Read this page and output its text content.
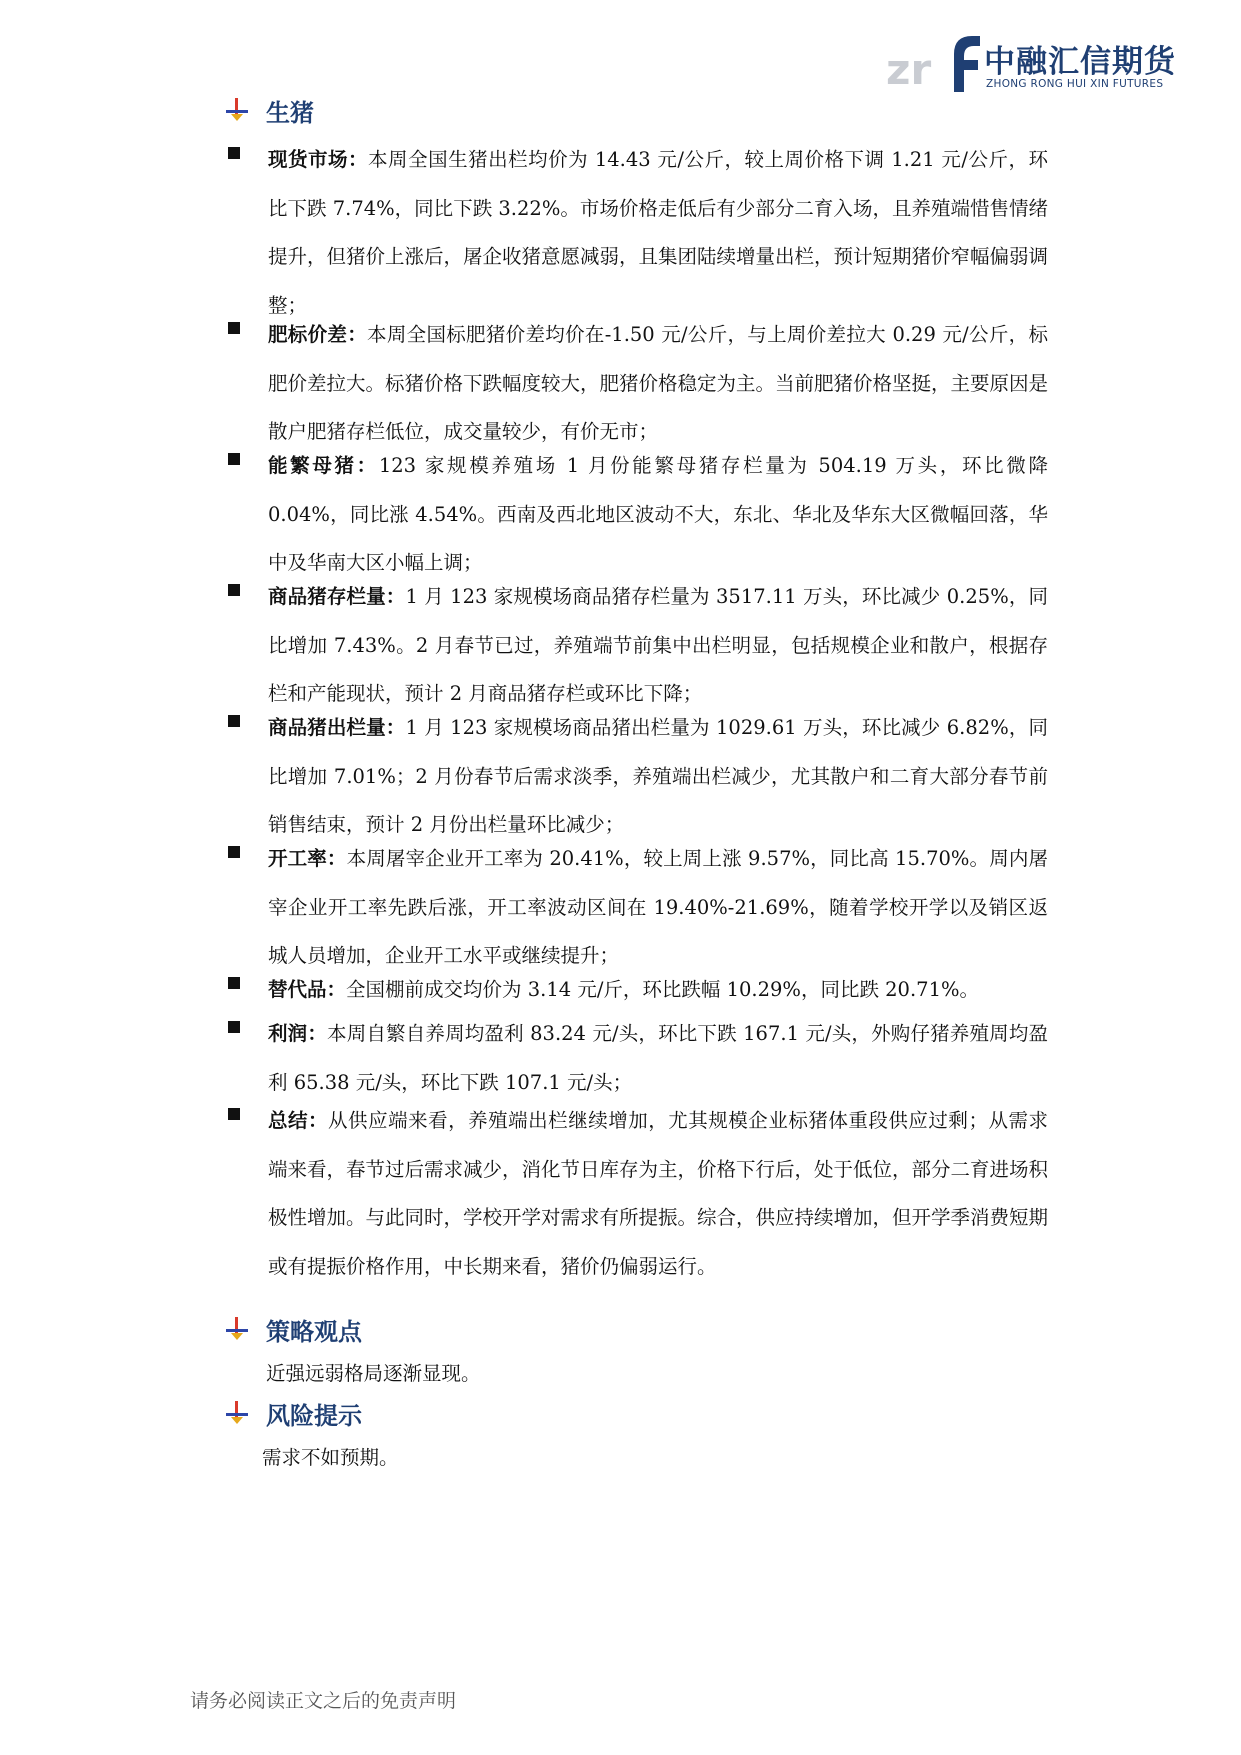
zr 中融汇信期货
ZHONG RONG HUI XIN FUTURES
生猪
现货市场：本周全国生猪出栏均价为 14.43 元/公斤，较上周价格下调 1.21 元/公斤，环比下跌 7.74%，同比下跌 3.22%。市场价格走低后有少部分二育入场，且养殖端惜售情绪提升，但猪价上涨后，屠企收猪意愿减弱，且集团陆续增量出栏，预计短期猪价窄幅偏弱调整；
肥标价差：本周全国标肥猪价差均价在-1.50 元/公斤，与上周价差拉大 0.29 元/公斤，标肥价差拉大。标猪价格下跌幅度较大，肥猪价格稳定为主。当前肥猪价格坚挺，主要原因是散户肥猪存栏低位，成交量较少，有价无市；
能繁母猪：123 家规模养殖场 1 月份能繁母猪存栏量为 504.19 万头，环比微降 0.04%，同比涨 4.54%。西南及西北地区波动不大，东北、华北及华东大区微幅回落，华中及华南大区小幅上调；
商品猪存栏量：1 月 123 家规模场商品猪存栏量为 3517.11 万头，环比减少 0.25%，同比增加 7.43%。2 月春节已过，养殖端节前集中出栏明显，包括规模企业和散户，根据存栏和产能现状，预计 2 月商品猪存栏或环比下降；
商品猪出栏量：1 月 123 家规模场商品猪出栏量为 1029.61 万头，环比减少 6.82%，同比增加 7.01%；2 月份春节后需求淡季，养殖端出栏减少，尤其散户和二育大部分春节前销售结束，预计 2 月份出栏量环比减少；
开工率：本周屠宰企业开工率为 20.41%，较上周上涨 9.57%，同比高 15.70%。周内屠宰企业开工率先跌后涨，开工率波动区间在 19.40%-21.69%，随着学校开学以及销区返城人员增加，企业开工水平或继续提升；
替代品：全国棚前成交均价为 3.14 元/斤，环比跌幅 10.29%，同比跌 20.71%。
利润：本周自繁自养周均盈利 83.24 元/头，环比下跌 167.1 元/头，外购仔猪养殖周均盈利 65.38 元/头，环比下跌 107.1 元/头；
总结：从供应端来看，养殖端出栏继续增加，尤其规模企业标猪体重段供应过剩；从需求端来看，春节过后需求减少，消化节日库存为主，价格下行后，处于低位，部分二育进场积极性增加。与此同时，学校开学对需求有所提振。综合，供应持续增加，但开学季消费短期或有提振价格作用，中长期来看，猪价仍偏弱运行。
策略观点
近强远弱格局逐渐显现。
风险提示
需求不如预期。
请务必阅读正文之后的免责声明
